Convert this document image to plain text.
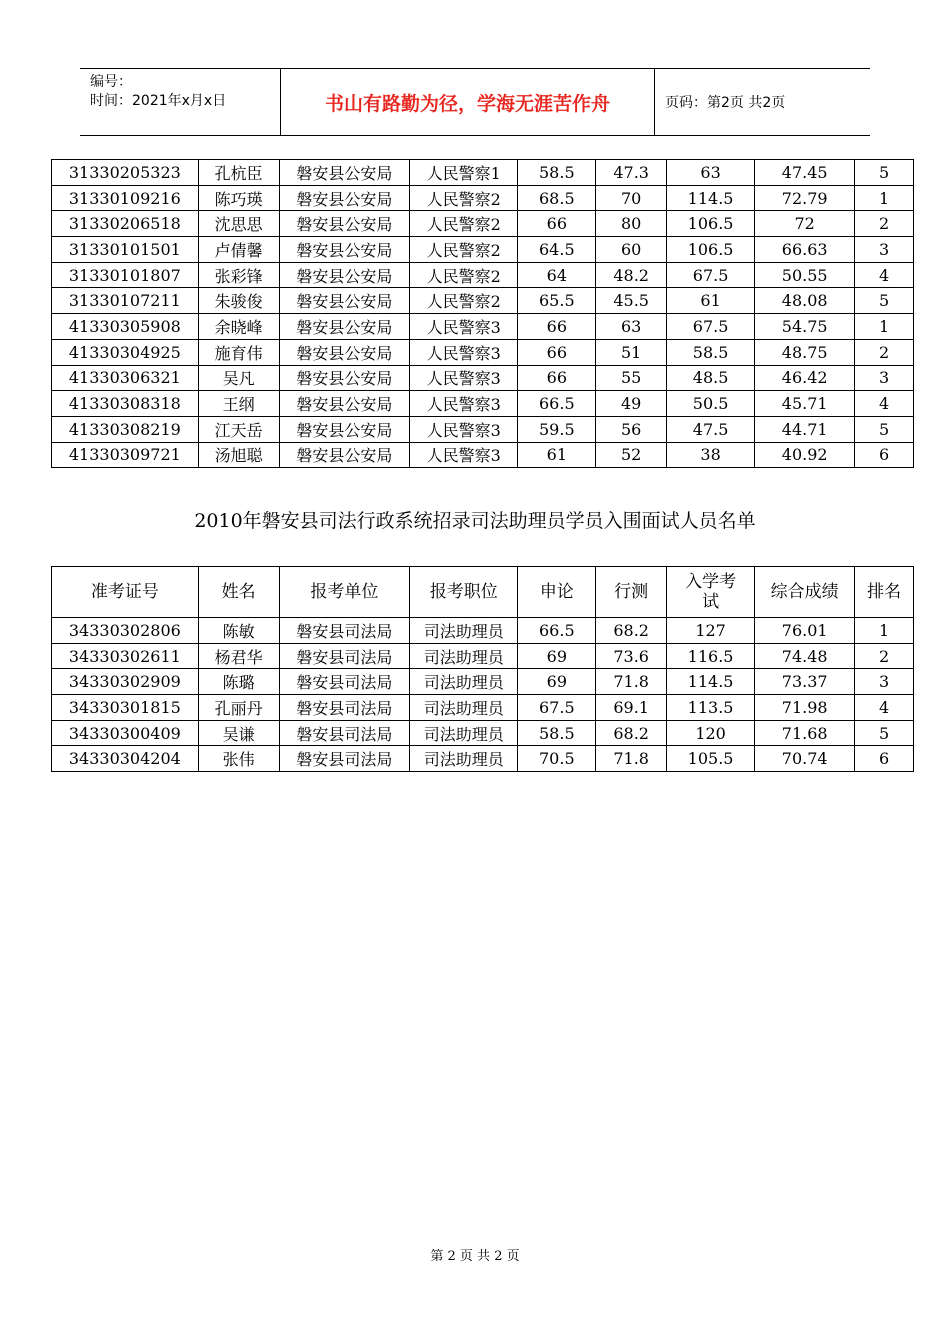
编号：
时间：2021年x月x日	书山有路勤为径，学海无涯苦作舟	页码：第2页 共2页
31330205323	孔杭臣	磐安县公安局	人民警察1	58.5	47.3	63	47.45	5
31330109216	陈巧瑛	磐安县公安局	人民警察2	68.5	70	114.5	72.79	1
31330206518	沈思思	磐安县公安局	人民警察2	66	80	106.5	72	2
31330101501	卢倩馨	磐安县公安局	人民警察2	64.5	60	106.5	66.63	3
31330101807	张彩锋	磐安县公安局	人民警察2	64	48.2	67.5	50.55	4
31330107211	朱骏俊	磐安县公安局	人民警察2	65.5	45.5	61	48.08	5
41330305908	余晓峰	磐安县公安局	人民警察3	66	63	67.5	54.75	1
41330304925	施育伟	磐安县公安局	人民警察3	66	51	58.5	48.75	2
41330306321	吴凡	磐安县公安局	人民警察3	66	55	48.5	46.42	3
41330308318	王纲	磐安县公安局	人民警察3	66.5	49	50.5	45.71	4
41330308219	江天岳	磐安县公安局	人民警察3	59.5	56	47.5	44.71	5
41330309721	汤旭聪	磐安县公安局	人民警察3	61	52	38	40.92	6
2010年磐安县司法行政系统招录司法助理员学员入围面试人员名单
准考证号	姓名	报考单位	报考职位	申论	行测	入学考试	综合成绩	排名
34330302806	陈敏	磐安县司法局	司法助理员	66.5	68.2	127	76.01	1
34330302611	杨君华	磐安县司法局	司法助理员	69	73.6	116.5	74.48	2
34330302909	陈璐	磐安县司法局	司法助理员	69	71.8	114.5	73.37	3
34330301815	孔丽丹	磐安县司法局	司法助理员	67.5	69.1	113.5	71.98	4
34330300409	吴谦	磐安县司法局	司法助理员	58.5	68.2	120	71.68	5
34330304204	张伟	磐安县司法局	司法助理员	70.5	71.8	105.5	70.74	6
第 2 页 共 2 页
